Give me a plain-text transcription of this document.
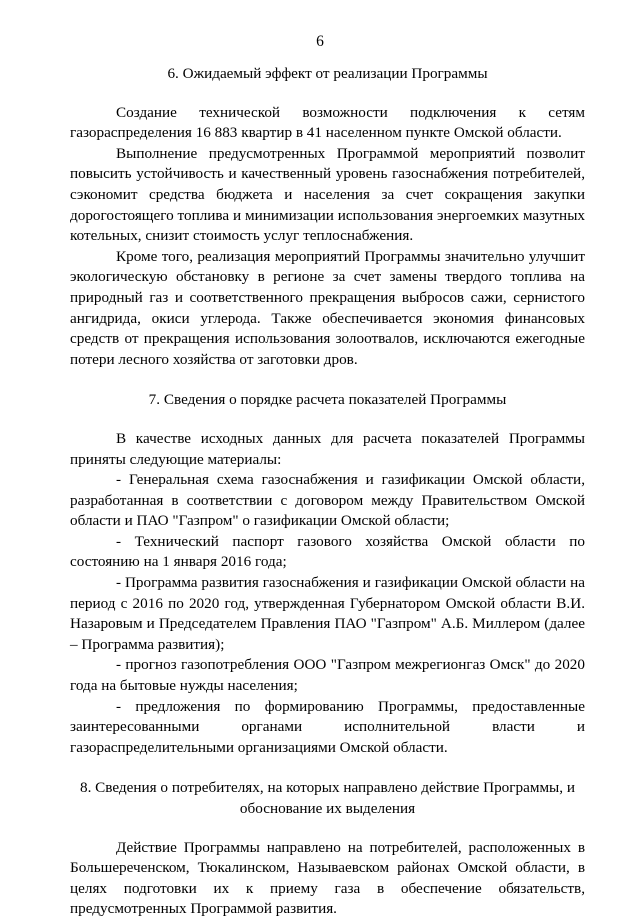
6
6. Ожидаемый эффект от реализации Программы

Создание технической возможности подключения к сетям газораспределения 16 883 квартир в 41 населенном пункте Омской области.

Выполнение предусмотренных Программой мероприятий позволит повысить устойчивость и качественный уровень газоснабжения потребителей, сэкономит средства бюджета и населения за счет сокращения закупки дорогостоящего топлива и минимизации использования энергоемких мазутных котельных, снизит стоимость услуг теплоснабжения.

Кроме того, реализация мероприятий Программы значительно улучшит экологическую обстановку в регионе за счет замены твердого топлива на природный газ и соответственного прекращения выбросов сажи, сернистого ангидрида, окиси углерода. Также обеспечивается экономия финансовых средств от прекращения использования золоотвалов, исключаются ежегодные потери лесного хозяйства от заготовки дров.

7. Сведения о порядке расчета показателей Программы

В качестве исходных данных для расчета показателей Программы приняты следующие материалы:

- Генеральная схема газоснабжения и газификации Омской области, разработанная в соответствии с договором между Правительством Омской области и ПАО "Газпром" о газификации Омской области;

- Технический паспорт газового хозяйства Омской области по состоянию на 1 января 2016 года;

- Программа развития газоснабжения и газификации Омской области на период с 2016 по 2020 год, утвержденная Губернатором Омской области В.И. Назаровым и Председателем Правления ПАО "Газпром" А.Б. Миллером (далее – Программа развития);

- прогноз газопотребления ООО "Газпром межрегионгаз Омск" до 2020 года на бытовые нужды населения;

- предложения по формированию Программы, предоставленные заинтересованными органами исполнительной власти и газораспределительными организациями Омской области.

8. Сведения о потребителях, на которых направлено действие Программы, и
обоснование их выделения

Действие Программы направлено на потребителей, расположенных в Большереченском, Тюкалинском, Называевском районах Омской области, в целях подготовки их к приему газа в обеспечение обязательств, предусмотренных Программой развития.
